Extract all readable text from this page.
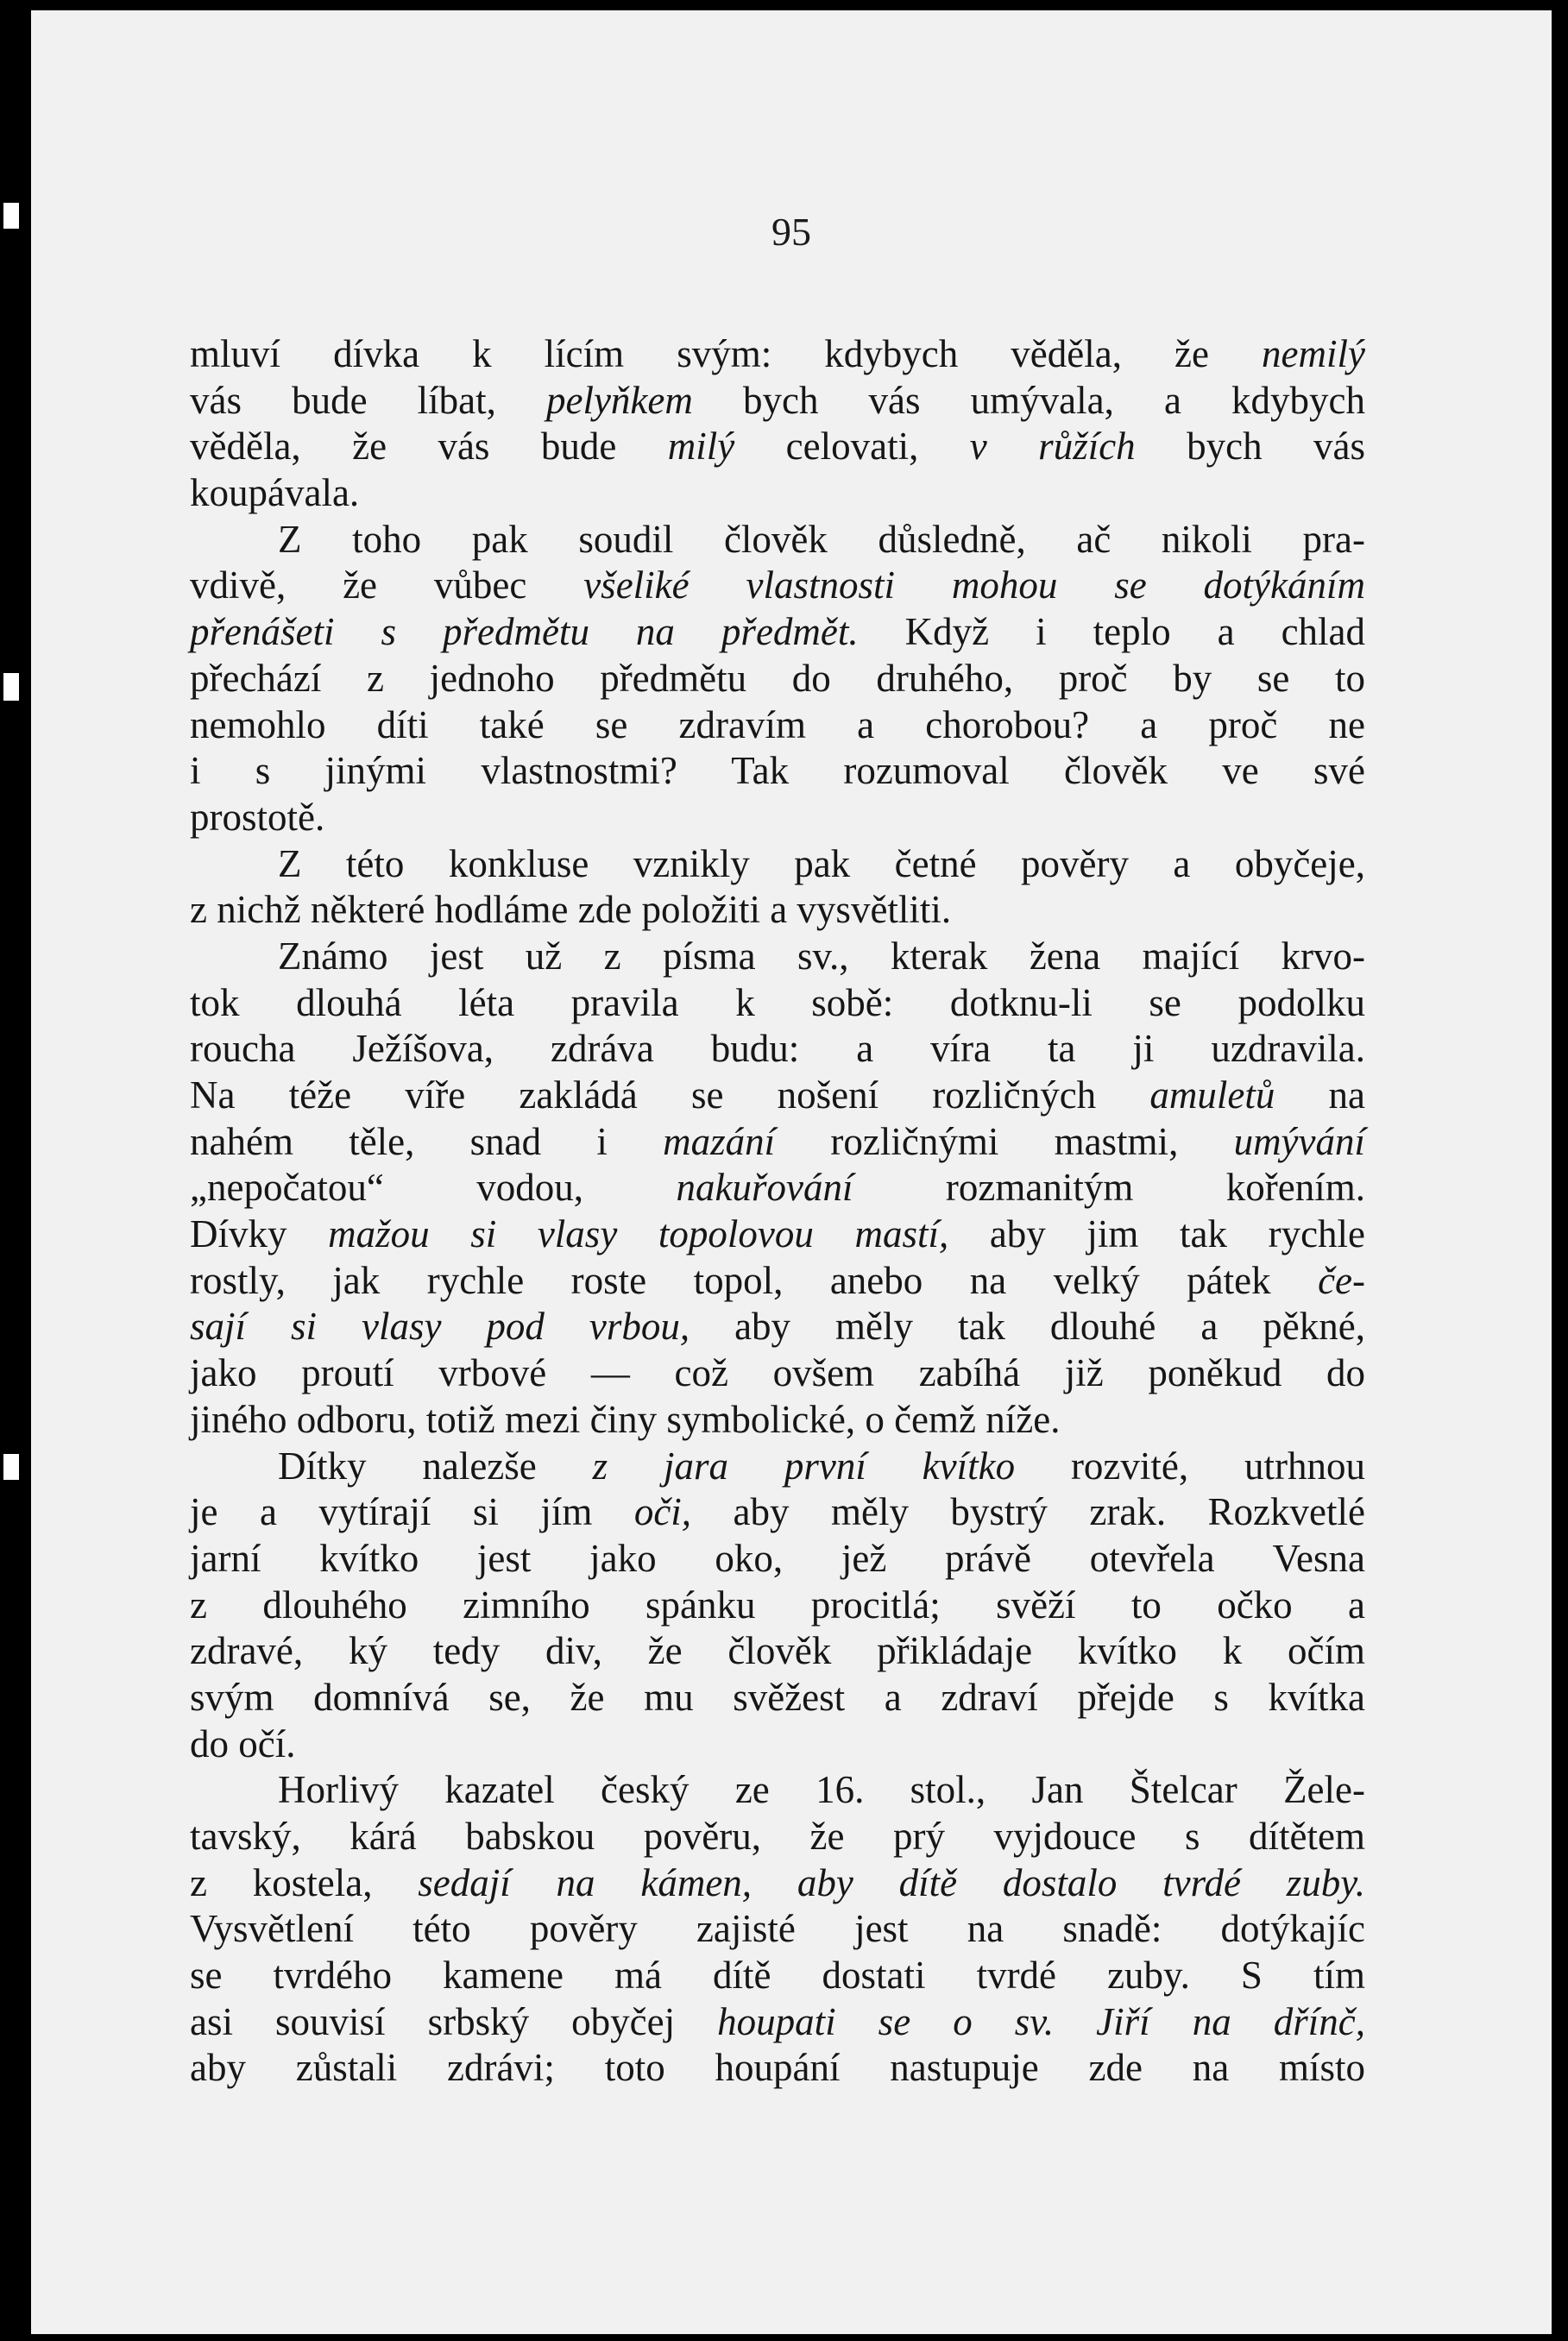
95
mluví dívka k lícím svým: kdybych věděla, že nemilý
vás bude líbat, pelyňkem bych vás umývala, a kdybych
věděla, že vás bude milý celovati, v růžích bych vás
koupávala.
Z toho pak soudil člověk důsledně, ač nikoli pra-
vdivě, že vůbec všeliké vlastnosti mohou se dotýkáním
přenášeti s předmětu na předmět. Když i teplo a chlad
přechází z jednoho předmětu do druhého, proč by se to
nemohlo díti také se zdravím a chorobou? a proč ne
i s jinými vlastnostmi? Tak rozumoval člověk ve své
prostotě.
Z této konkluse vznikly pak četné pověry a obyčeje,
z nichž některé hodláme zde položiti a vysvětliti.
Známo jest už z písma sv., kterak žena mající krvo-
tok dlouhá léta pravila k sobě: dotknu-li se podolku
roucha Ježíšova, zdráva budu: a víra ta ji uzdravila.
Na téže víře zakládá se nošení rozličných amuletů na
nahém těle, snad i mazání rozličnými mastmi, umývání
„nepočatou“ vodou, nakuřování rozmanitým kořením.
Dívky mažou si vlasy topolovou mastí, aby jim tak rychle
rostly, jak rychle roste topol, anebo na velký pátek če-
sají si vlasy pod vrbou, aby měly tak dlouhé a pěkné,
jako proutí vrbové — což ovšem zabíhá již poněkud do
jiného odboru, totiž mezi činy symbolické, o čemž níže.
Dítky nalezše z jara první kvítko rozvité, utrhnou
je a vytírají si jím oči, aby měly bystrý zrak. Rozkvetlé
jarní kvítko jest jako oko, jež právě otevřela Vesna
z dlouhého zimního spánku procitlá; svěží to očko a
zdravé, ký tedy div, že člověk přikládaje kvítko k očím
svým domnívá se, že mu svěžest a zdraví přejde s kvítka
do očí.
Horlivý kazatel český ze 16. stol., Jan Štelcar Žele-
tavský, kárá babskou pověru, že prý vyjdouce s dítětem
z kostela, sedají na kámen, aby dítě dostalo tvrdé zuby.
Vysvětlení této pověry zajisté jest na snadě: dotýkajíc
se tvrdého kamene má dítě dostati tvrdé zuby. S tím
asi souvisí srbský obyčej houpati se o sv. Jiří na dřínč,
aby zůstali zdrávi; toto houpání nastupuje zde na místo
